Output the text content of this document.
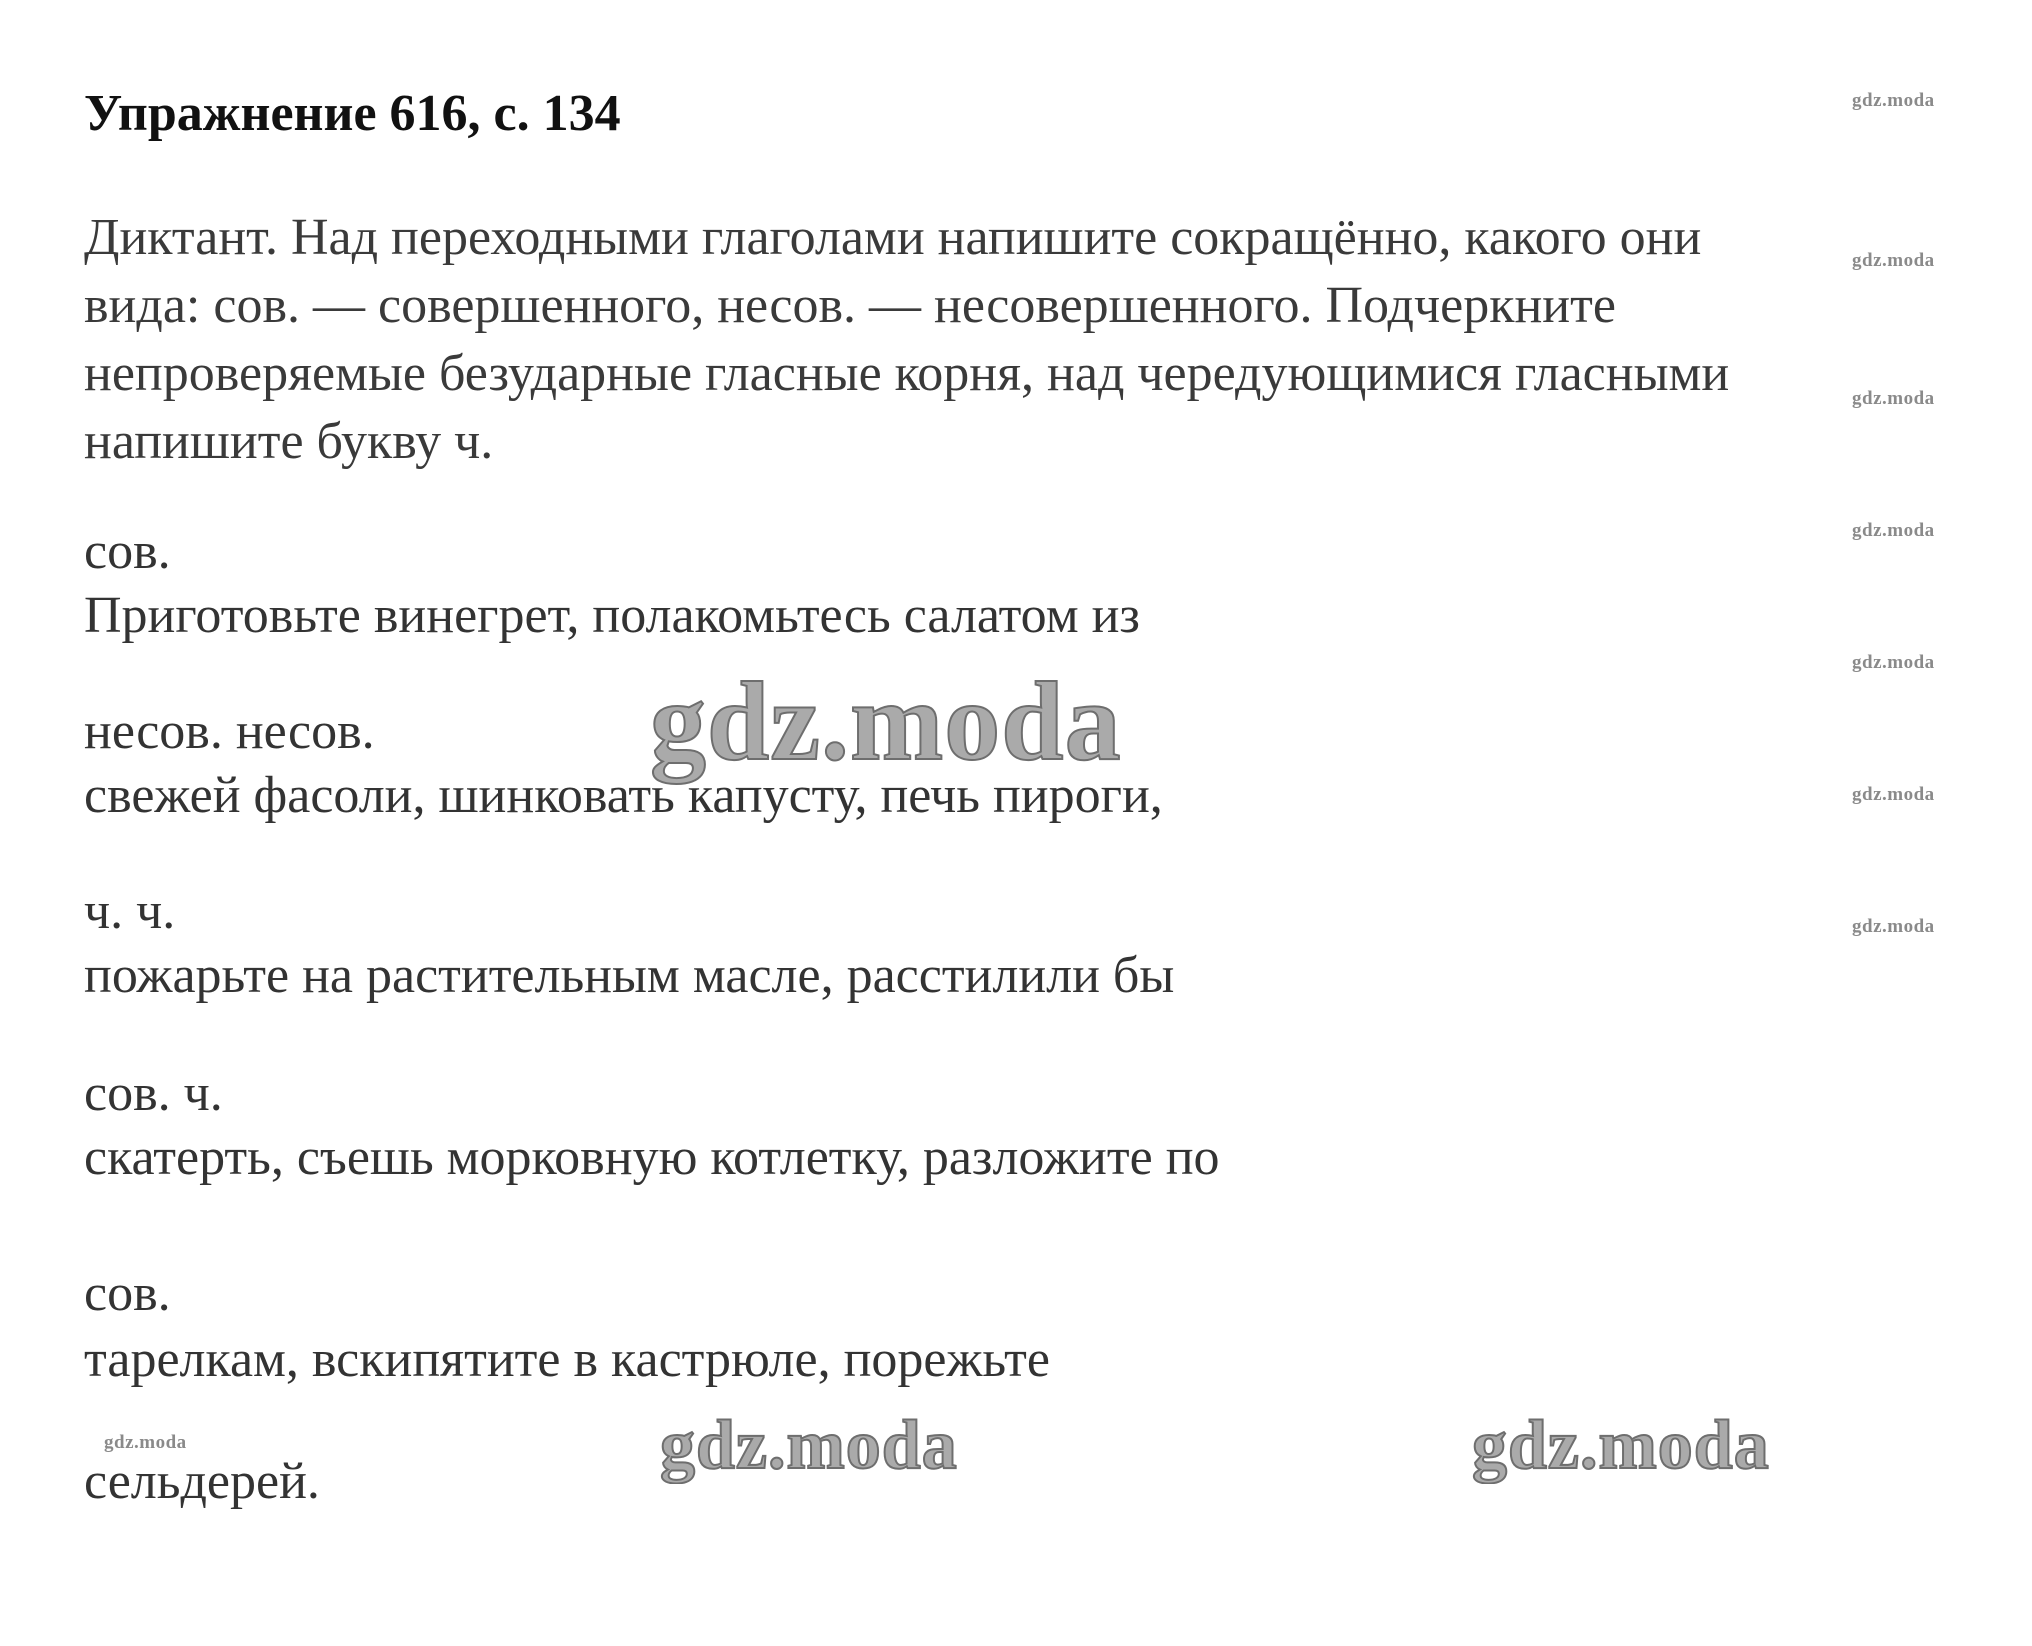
Упражнение 616, с. 134
Диктант. Над переходными глаголами напишите сокращённо, какого они
вида: сов. — совершенного, несов. — несовершенного. Подчеркните
непроверяемые безударные гласные корня, над чередующимися гласными
напишите букву ч.
сов.
Приготовьте винегрет, полакомьтесь салатом из
несов. несов.
свежей фасоли, шинковать капусту, печь пироги,
ч. ч.
пожарьте на растительным масле, расстилили бы
сов. ч.
скатерть, съешь морковную котлетку, разложите по
сов.
тарелкам, вскипятите в кастрюле, порежьте
сельдерей.
gdz.moda
gdz.moda
gdz.moda
gdz.moda
gdz.moda
gdz.moda
gdz.moda
gdz.moda
gdz.moda
gdz.moda	gdz.moda
